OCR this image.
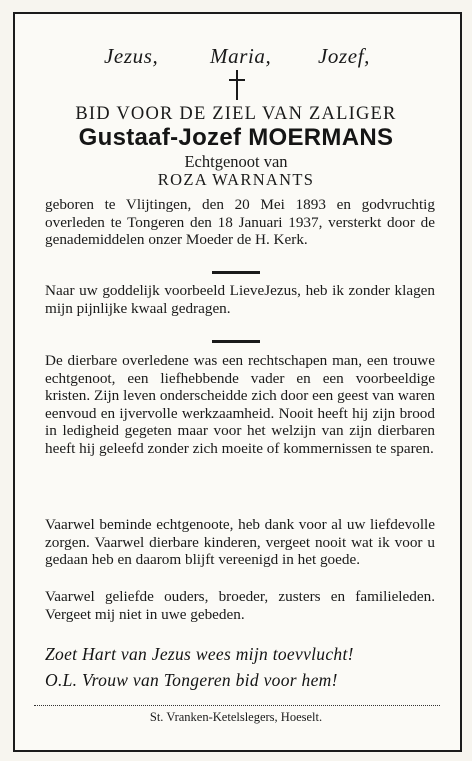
Jezus, Maria, Jozef,
BID VOOR DE ZIEL VAN ZALIGER
Gustaaf-Jozef MOERMANS
Echtgenoot van
ROZA WARNANTS

geboren te Vlijtingen, den 20 Mei 1893 en godvruchtig overleden te Tongeren den 18 Januari 1937, versterkt door de genademiddelen onzer Moeder de H. Kerk.

Naar uw goddelijk voorbeeld LieveJezus, heb ik zonder klagen mijn pijnlijke kwaal gedragen.

De dierbare overledene was een rechtschapen man, een trouwe echtgenoot, een liefhebbende vader en een voorbeeldige kristen. Zijn leven onderscheidde zich door een geest van waren eenvoud en ijvervolle werkzaamheid. Nooit heeft hij zijn brood in ledigheid gegeten maar voor het welzijn van zijn dierbaren heeft hij geleefd zonder zich moeite of kommernissen te sparen.

Vaarwel beminde echtgenoote, heb dank voor al uw liefdevolle zorgen. Vaarwel dierbare kinderen, vergeet nooit wat ik voor u gedaan heb en daarom blijft vereenigd in het goede.

Vaarwel geliefde ouders, broeder, zusters en familieleden. Vergeet mij niet in uwe gebeden.

Zoet Hart van Jezus wees mijn toevvlucht!
O.L. Vrouw van Tongeren bid voor hem!
St. Vranken-Ketelslegers, Hoeselt.
